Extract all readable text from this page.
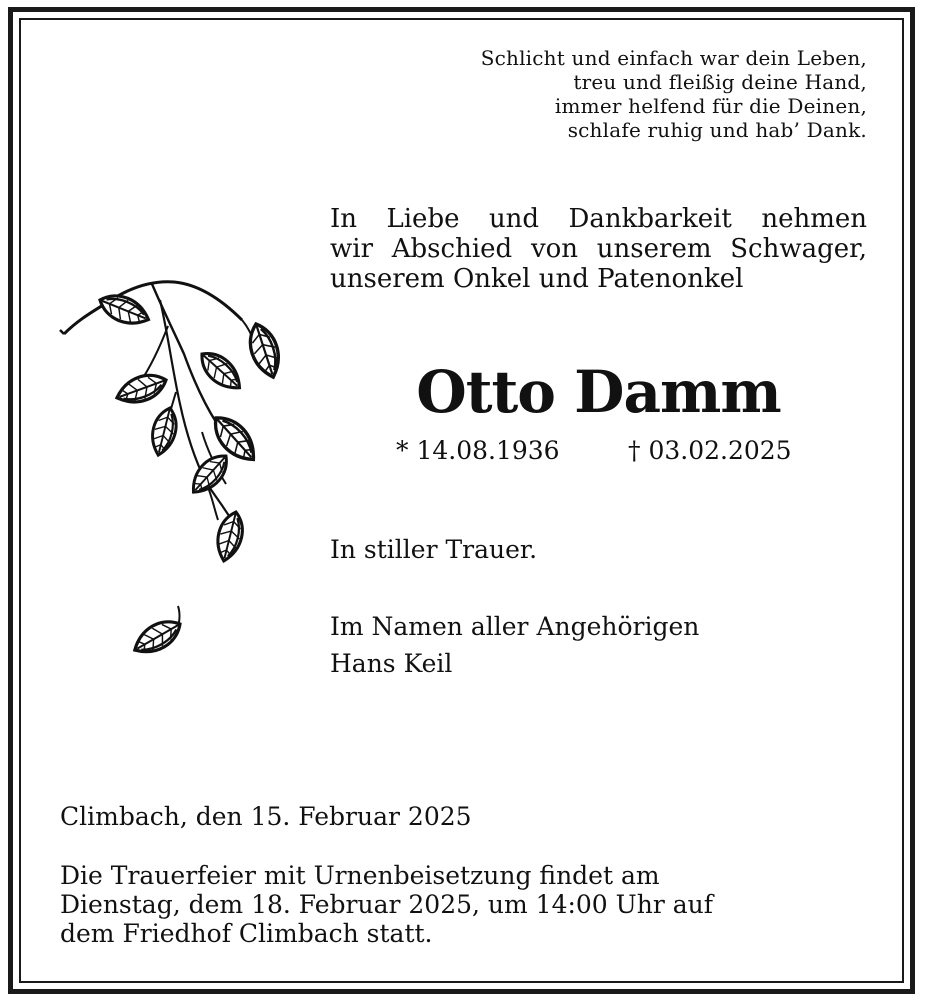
Schlicht und einfach war dein Leben,
treu und fleißig deine Hand,
immer helfend für die Deinen,
schlafe ruhig und hab’ Dank.
In Liebe und Dankbarkeit nehmen
wir Abschied von unserem Schwager,
unserem Onkel und Patenonkel
Otto Damm
* 14.08.1936	† 03.02.2025
In stiller Trauer.
Im Namen aller Angehörigen
Hans Keil
Climbach, den 15. Februar 2025
Die Trauerfeier mit Urnenbeisetzung findet am
Dienstag, dem 18. Februar 2025, um 14:00 Uhr auf
dem Friedhof Climbach statt.
